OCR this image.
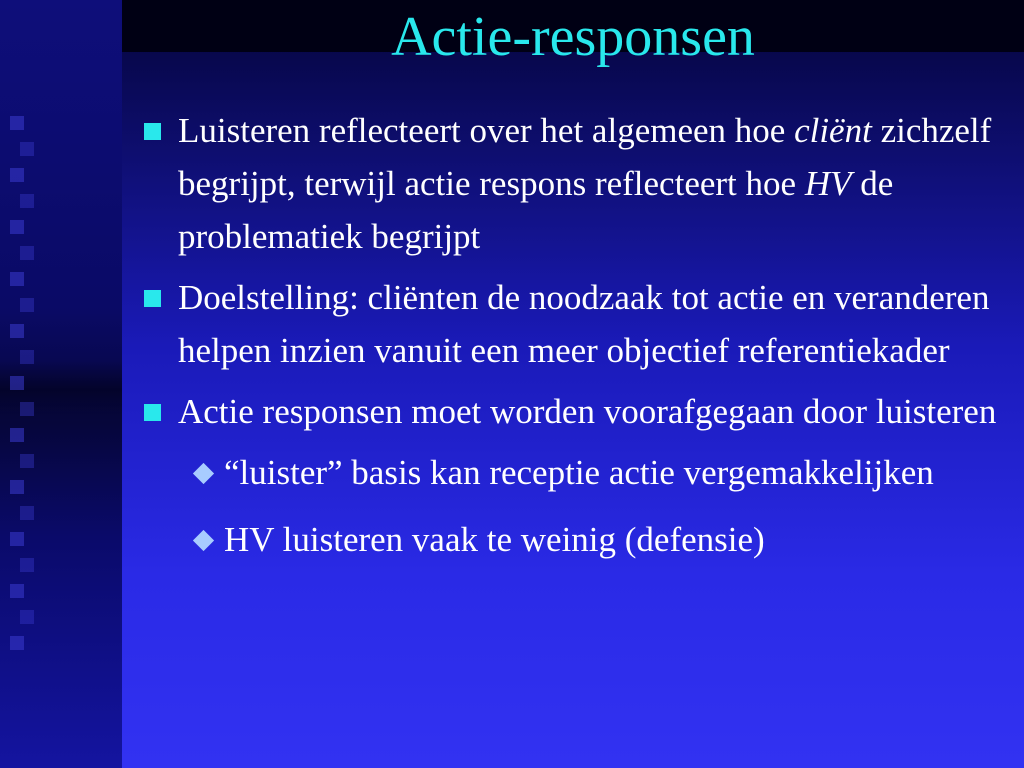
Actie-responsen
Luisteren reflecteert over het algemeen hoe cliënt zichzelf begrijpt, terwijl actie respons reflecteert hoe HV de problematiek begrijpt
Doelstelling: cliënten de noodzaak tot actie en veranderen helpen inzien vanuit een meer objectief referentiekader
Actie responsen moet worden voorafgegaan door luisteren
“luister” basis kan receptie actie vergemakkelijken
HV luisteren vaak te weinig (defensie)
